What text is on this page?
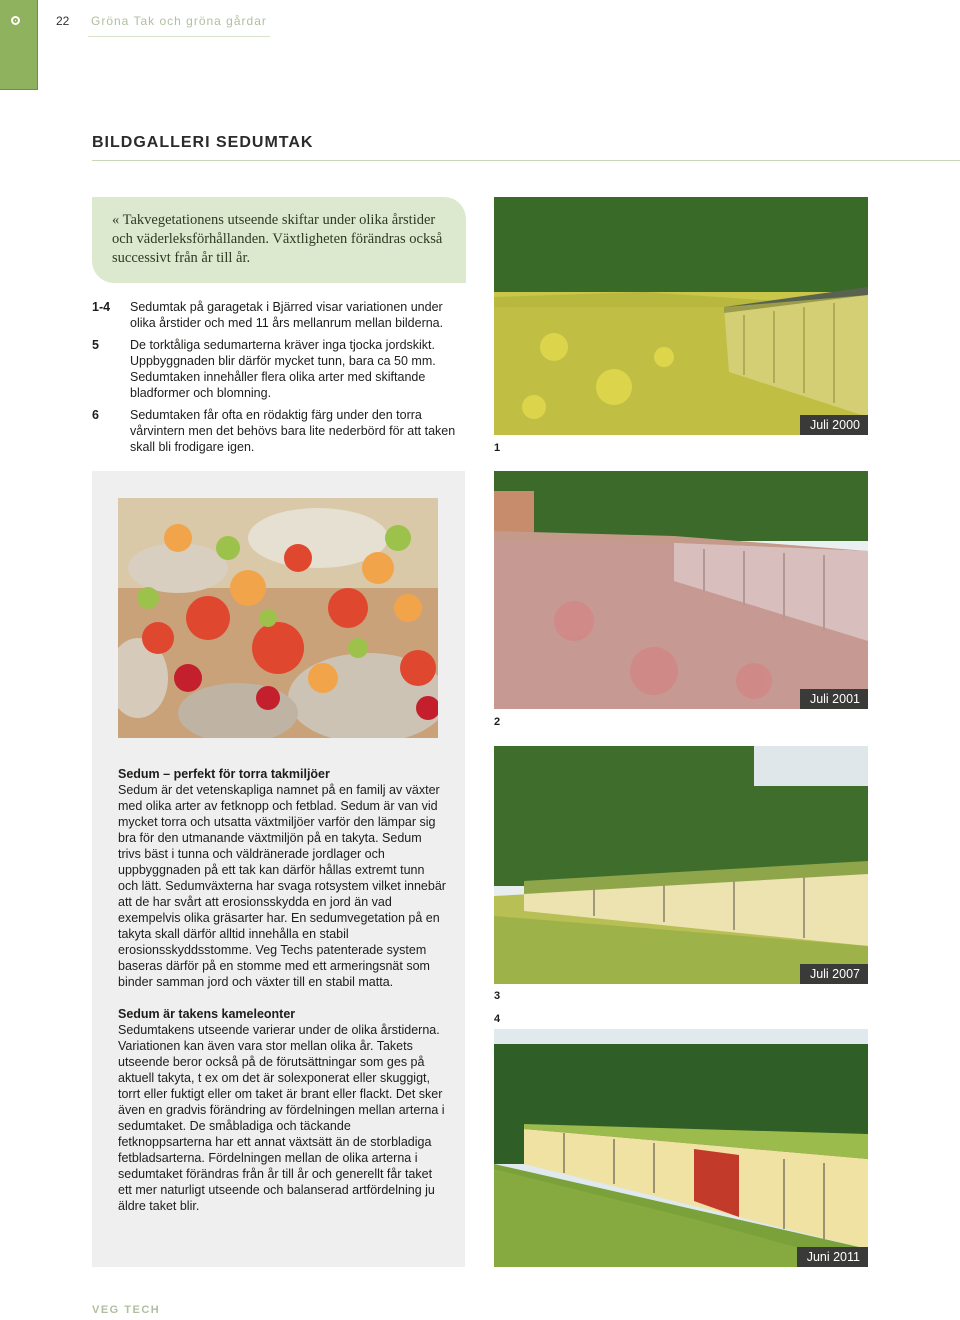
22 Gröna Tak och gröna gårdar
BILDGALLERI SEDUMTAK
« Takvegetationens utseende skiftar under olika årstider och väderleksförhållanden. Växtligheten förändras också successivt från år till år.
1-4	Sedumtak på garagetak i Bjärred visar variationen under olika årstider och med 11 års mellanrum mellan bilderna.
5	De torktåliga sedumarterna kräver inga tjocka jordskikt. Uppbyggnaden blir därför mycket tunn, bara ca 50 mm. Sedumtaken innehåller flera olika arter med skiftande bladformer och blomning.
6	Sedumtaken får ofta en rödaktig färg under den torra vårvintern men det behövs bara lite nederbörd för att taken skall bli frodigare igen.
Sedum – perfekt för torra takmiljöer
Sedum är det vetenskapliga namnet på en familj av växter med olika arter av fetknopp och fetblad. Sedum är van vid mycket torra och utsatta växtmiljöer varför den lämpar sig bra för den utmanande växtmiljön på en takyta. Sedum trivs bäst i tunna och väldränerade jordlager och uppbyggnaden på ett tak kan därför hållas extremt tunn och lätt. Sedumväxterna har svaga rotsystem vilket innebär att de har svårt att erosionsskydda en jord än vad exempelvis olika gräsarter har. En sedumvegetation på en takyta skall därför alltid innehålla en stabil erosionsskyddsstomme. Veg Techs patenterade system baseras därför på en stomme med ett armeringsnät som binder samman jord och växter till en stabil matta.
Sedum är takens kameleonter
Sedumtakens utseende varierar under de olika årstiderna. Variationen kan även vara stor mellan olika år. Takets utseende beror också på de förutsättningar som ges på aktuell takyta, t ex om det är solexponerat eller skuggigt, torrt eller fuktigt eller om taket är brant eller flackt. Det sker även en gradvis förändring av fördelningen mellan arterna i sedumtaket. De småbladiga och täckande fetknoppsarterna har ett annat växtsätt än de storbladiga fetbladsarterna. Fördelningen mellan de olika arterna i sedumtaket förändras från år till år och generellt får taket ett mer naturligt utseende och balanserad artfördelning ju äldre taket blir.
Juli 2000
1
Juli 2001
2
Juli 2007
3
4
Juni 2011
VEG TECH
